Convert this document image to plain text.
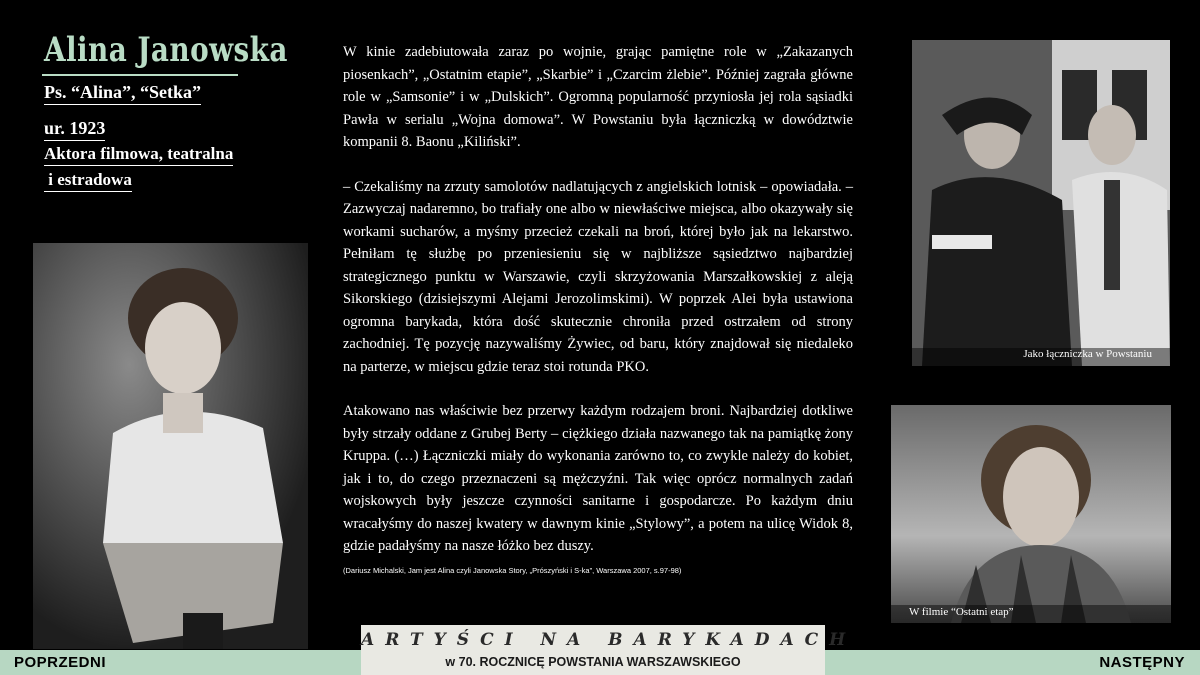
Alina Janowska
Ps. “Alina”, “Setka”
ur. 1923
Aktora filmowa, teatralna
i estradowa
Jako łączniczka w Powstaniu
W filmie “Ostatni etap”

W kinie zadebiutowała zaraz po wojnie, grając pamiętne role w „Zakazanych piosenkach”, „Ostatnim etapie”, „Skarbie” i „Czarcim żlebie”. Później zagrała główne role w „Samsonie” i w „Dulskich”. Ogromną popularność przyniosła jej rola sąsiadki Pawła w serialu „Wojna domowa”. W Powstaniu była łączniczką w dowództwie kompanii 8. Baonu „Kiliński”.

– Czekaliśmy na zrzuty samolotów nadlatujących z angielskich lotnisk – opowiadała. – Zazwyczaj nadaremno, bo trafiały one albo w niewłaściwe miejsca, albo okazywały się workami sucharów, a myśmy przecież czekali na broń, której było jak na lekarstwo. Pełniłam tę służbę po przeniesieniu się w najbliższe sąsiedztwo najbardziej strategicznego punktu w Warszawie, czyli skrzyżowania Marszałkowskiej z aleją Sikorskiego (dzisiejszymi Alejami Jerozolimskimi). W poprzek Alei była ustawiona ogromna barykada, która dość skutecznie chroniła przed ostrzałem od strony zachodniej. Tę pozycję nazywaliśmy Żywiec, od baru, który znajdował się niedaleko na parterze, w miejscu gdzie teraz stoi rotunda PKO.

Atakowano nas właściwie bez przerwy każdym rodzajem broni. Najbardziej dotkliwe były strzały oddane z Grubej Berty – ciężkiego działa nazwanego tak na pamiątkę żony Kruppa. (…) Łączniczki miały do wykonania zarówno to, co zwykle należy do kobiet, jak i to, do czego przeznaczeni są mężczyźni. Tak więc oprócz normalnych zadań wojskowych były jeszcze czynności sanitarne i gospodarcze. Po każdym dniu wracałyśmy do naszej kwatery w dawnym kinie „Stylowy”, a potem na ulicę Widok 8, gdzie padałyśmy na nasze łóżko bez duszy.

(Dariusz Michalski, Jam jest Alina czyli Janowska Story, „Prószyński i S-ka”, Warszawa 2007, s.97-98)
POPRZEDNI	NASTĘPNY
ARTYŚCI NA BARYKADACH
w 70. ROCZNICĘ POWSTANIA WARSZAWSKIEGO
